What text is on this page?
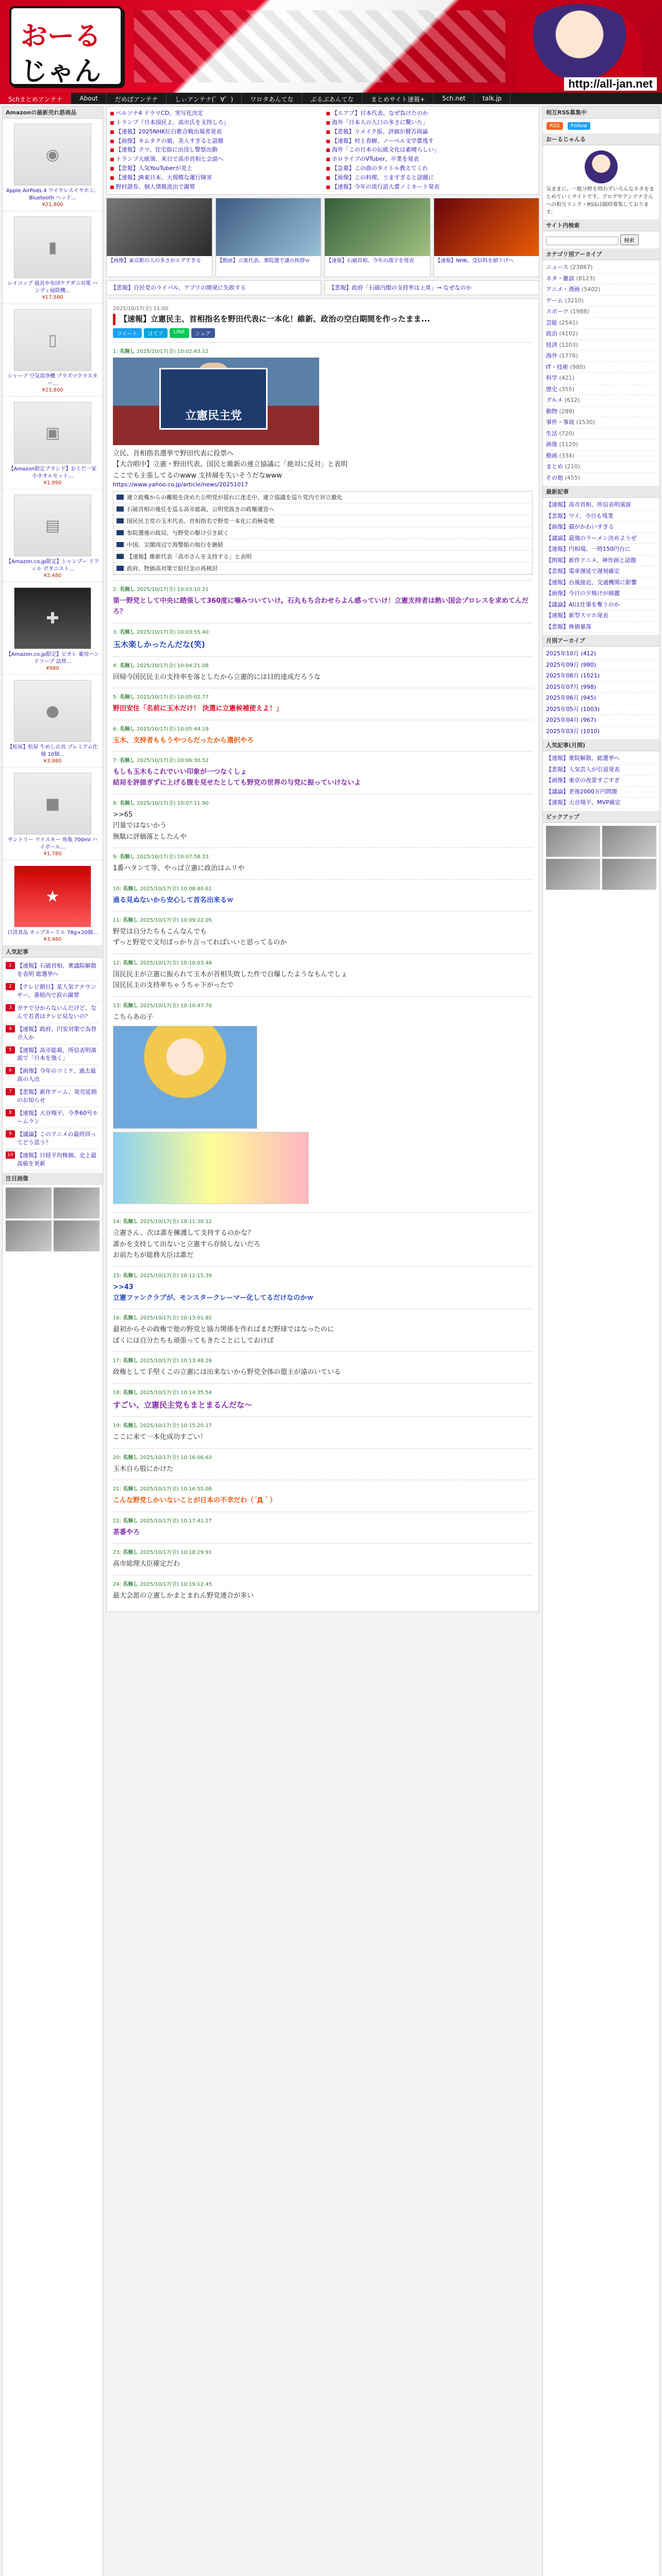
おーる
じゃん	http://all-jan.net
5chまとめアンテナ	About	だめぽアンテナ	しぃアンテナ(゜∀゜)	ワロタあんてな	ぶるぶあんてな	まとめサイト速報+	5ch.net	talk.jp
Amazonの最新売れ筋商品
◉
Apple AirPods 4 ワイヤレスイヤホン、Bluetooth ヘッド...
¥21,800
▮
レイコップ 寝具や布団ケアダニ対策 ハンディ掃除機...
¥17,580
▯
シャープ 空気清浄機 プラズマクラスター...
¥23,800
▣
【Amazon限定ブランド】おくだ一家 小タオルセット...
¥1,990
▤
【Amazon.co.jp限定】シャンプー リフィル ボタニスト...
¥2,480
✚
【Amazon.co.jp限定】ビオレ 薬用ハンドソープ 詰替...
¥980
●
【松屋】松屋 牛めしの具 プレミアム仕様 10個...
¥3,980
■
サントリー ウイスキー 角瓶 700ml ハイボール...
¥1,780
★
日清食品 カップヌードル 78g×20個...
¥3,480
人気記事
1 【速報】石破首相、衆議院解散を表明 総選挙へ
2 【テレビ朝日】某人気アナウンサー、番組内で涙の謝罪
3 ガチで分からないんだけど、なんで若者はテレビ見ないの？
4 【速報】政府、円安対策で為替介入か
5 【速報】高市総裁、所信表明演説で「日本を強く」
6 【画像】今年のコミケ、過去最高の人出
7 【悲報】新作ゲーム、発売延期のお知らせ
8 【速報】大谷翔平、今季60号ホームラン
9 【議論】このアニメの最終回ってどう思う？
10 【速報】日経平均株価、史上最高値を更新
注目画像
■ ペルソナ4 ドラマCD、実写化決定	■ 【エアプ】日本代表、なぜ負けたのか
■ トランプ『日本国民よ、高市氏を支持しろ』	■ 海外「日本人の人口の多さに驚いた」
■ 【速報】2025NHK紅白歌合戦出場者発表	■ 【悲報】リメイク版、評価が賛否両論
■ 【画像】キムタクの娘、美人すぎると話題	■ 【速報】村上春樹、ノーベル文学賞逃す
■ 【速報】クマ、住宅街に出没し警察出動	■ 海外「この日本の伝統文化は素晴らしい」
■ トランプ大統領、来日で高市首相と会談へ	■ ホロライブのVTuber、卒業を発表
■ 【悲報】人気YouTuberが炎上	■ 【急募】この曲のタイトル教えてくれ
■ 【速報】JR東日本、大規模な運行障害	■ 【画像】この料理、うますぎると話題に
■ 野村證券、個人情報流出で謝罪	■ 【速報】今年の流行語大賞ノミネート発表
【画像】東京駅の人の多さがエグすぎる	【動画】立憲代表、衆院選で謎の挨拶ｗ	【速報】石破首相、今年の漢字を発表	【速報】NHK、受信料を値下げへ
【悲報】自民党のライバル、アプリの開発に失敗する	【悲報】政府「石破内閣の支持率は上昇」→ なぜなのか
2025/10/17(金) 11:00
【速報】立憲民主、首相指名を野田代表に一本化！維新、政治の空白期間を作ったまま...
ツイート	はてブ	LINE	シェア
1: 名無し 2025/10/17(金) 10:02:43.12
立憲民主党
立民、首相指名選挙で野田代表に投票へ
【大合唱中】立憲・野田代表、国民と維新の連立協議に「絶対に反対」と表明
ここでも主張してるのwww 支持層を失いそうだなwww
https://www.yahoo.co.jp/article/news/20251017
連立政権からの離脱を決めた公明党が揺れに迷走中、連立協議を巡り党内で対立激化
石破首相の後任を巡る高市総裁、公明党抜きの政権運営へ
国民民主党の玉木代表、首相指名で野党一本化に消極姿勢
参院選後の政局、与野党の駆け引き続く
中国、尖閣周辺で海警船の航行を継続
【速報】維新代表「高市さんを支持する」と表明
政府、物価高対策で給付金の再検討
2: 名無し 2025/10/17(金) 10:03:10.21
第一野党として中央に踏張して360度に噛みついていけ。石丸もち合わせらよん感っていけ！立憲支持者は熱い国会プロレスを求めてんだろ？
3: 名無し 2025/10/17(金) 10:03:55.40
玉木楽しかったんだな(笑)
4: 名無し 2025/10/17(金) 10:04:21.08
回帰今国民民主の支持率を落としたから立憲的には目的達成だろうな
5: 名無し 2025/10/17(金) 10:05:02.77
野田安住「名前に玉木だけ！ 決選に立憲候補使えよ！」
6: 名無し 2025/10/17(金) 10:05:44.19
玉木、支持者ももうやつらだったから選択やろ
7: 名無し 2025/10/17(金) 10:06:30.52
もしも玉木もこれでいい印象が一つなくしょ
結局を評価ぎずに上げる腹を見せたとしても野党の世界の与党に振っていけないよ
8: 名無し 2025/10/17(金) 10:07:11.90
>>65
円量ではないかう
無駄に評価落としたんや
9: 名無し 2025/10/17(金) 10:07:58.33
1番ハタンて等、やっぱ立憲に政治はムリや
10: 名無し 2025/10/17(金) 10:08:40.61
過る見ぬないから安心して首名出来るｗ
11: 名無し 2025/10/17(金) 10:09:22.05
野党は自分たちもこんなんでも
ずっと野党で文句ばっかり言ってればいいと思ってるのか
12: 名無し 2025/10/17(金) 10:10:03.48
国民民主が立憲に振られて玉木が首相失敗した件で自爆したようなもんでしょ
国民民主の支持率ちゃうちゃ下がったで
13: 名無し 2025/10/17(金) 10:10:47.70
こちらあの子
14: 名無し 2025/10/17(金) 10:11:30.12
立憲さん、次は誰を擁護して支持するのかな？
誰かを支持して出ないと立憲すら存続しないだろ
お前たちが総務大臣は誰だ
15: 名無し 2025/10/17(金) 10:12:15.39
>>43
立憲ファンクラブが、モンスタークレーマー化してるだけなのかｗ
16: 名無し 2025/10/17(金) 10:13:01.82
最初からその政権で他の野党と協力関係を作ればまだ野球ではなったのに
ぼくには自分たちも頑張ってもきたことにしておけば
17: 名無し 2025/10/17(金) 10:13:48.26
政権として手堅くこの立憲には出来ないから野党全体の盟主が遠のいている
18: 名無し 2025/10/17(金) 10:14:35.54
すごい、立憲民主党もまとまるんだな～
19: 名無し 2025/10/17(金) 10:15:20.17
ここに来て一本化成功すごい！
20: 名無し 2025/10/17(金) 10:16:06.63
玉木自ら股にかけた
21: 名無し 2025/10/17(金) 10:16:55.08
こんな野党しかいないことが日本の不幸だわ（´Д｀）
22: 名無し 2025/10/17(金) 10:17:41.27
茶番やろ
23: 名無し 2025/10/17(金) 10:18:29.91
高市総理大臣確定だわ
24: 名無し 2025/10/17(金) 10:19:12.45
最大会派の立憲しかまとまれん野党連合が多い
相互RSS募集中
RSS Follow
おーるじゃんる
気ままに、一般分野を問わずいろんなネタをまとめていくサイトです。ブログやアンテナさんへの相互リンク・RSSは随時募集しております。
サイト内検索
検索
カテゴリ別アーカイブ
ニュース (23867)
ネタ・雑談 (8123)
アニメ・漫画 (5402)
ゲーム (3210)
スポーツ (1988)
芸能 (2541)
政治 (4102)
経済 (1203)
海外 (1776)
IT・技術 (980)
科学 (421)
歴史 (355)
グルメ (612)
動物 (289)
事件・事故 (1530)
生活 (720)
画像 (1120)
動画 (334)
まとめ (210)
その他 (455)
最新記事
【速報】高市首相、所信表明演説
【悲報】ワイ、今日も残業
【画像】猫がかわいすぎる
【議論】最強のラーメン決めようぜ
【速報】円相場、一時150円台に
【朗報】新作アニメ、神作画と話題
【悲報】電車遅延で遅刻確定
【速報】台風接近、交通機関に影響
【画像】今日の夕焼けが綺麗
【議論】AIは仕事を奪うのか
【速報】新型スマホ発表
【悲報】株価暴落
月別アーカイブ
2025年10月 (412)
2025年09月 (980)
2025年08月 (1021)
2025年07月 (998)
2025年06月 (945)
2025年05月 (1003)
2025年04月 (967)
2025年03月 (1010)
人気記事(月間)
【速報】衆院解散、総選挙へ
【悲報】人気芸人が引退発表
【画像】東京の夜景すごすぎ
【議論】老後2000万円問題
【速報】大谷翔平、MVP確定
ピックアップ
